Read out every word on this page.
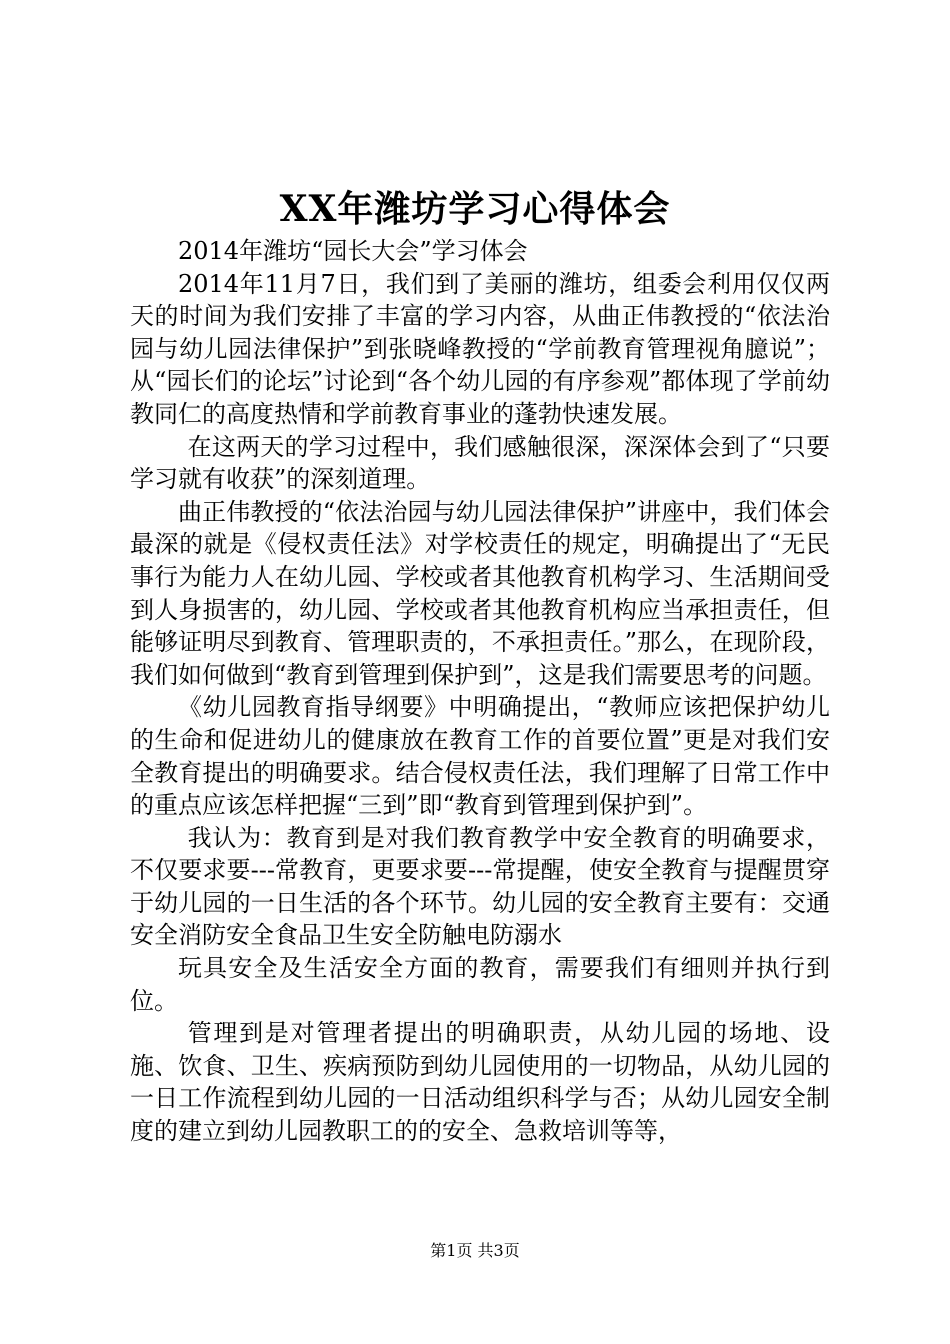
XX年潍坊学习心得体会

2014年潍坊“园长大会”学习体会

2014年11月7日，我们到了美丽的潍坊，组委会利用仅仅两天的时间为我们安排了丰富的学习内容，从曲正伟教授的“依法治园与幼儿园法律保护”到张晓峰教授的“学前教育管理视角臆说”；从“园长们的论坛”讨论到“各个幼儿园的有序参观”都体现了学前幼教同仁的高度热情和学前教育事业的蓬勃快速发展。

在这两天的学习过程中，我们感触很深，深深体会到了“只要学习就有收获”的深刻道理。

曲正伟教授的“依法治园与幼儿园法律保护”讲座中，我们体会最深的就是《侵权责任法》对学校责任的规定，明确提出了“无民事行为能力人在幼儿园、学校或者其他教育机构学习、生活期间受到人身损害的，幼儿园、学校或者其他教育机构应当承担责任，但能够证明尽到教育、管理职责的，不承担责任。”那么，在现阶段，我们如何做到“教育到管理到保护到”，这是我们需要思考的问题。

《幼儿园教育指导纲要》中明确提出，“教师应该把保护幼儿的生命和促进幼儿的健康放在教育工作的首要位置”更是对我们安全教育提出的明确要求。结合侵权责任法，我们理解了日常工作中的重点应该怎样把握“三到”即“教育到管理到保护到”。

我认为：教育到是对我们教育教学中安全教育的明确要求，不仅要求要---常教育，更要求要---常提醒，使安全教育与提醒贯穿于幼儿园的一日生活的各个环节。幼儿园的安全教育主要有：交通安全消防安全食品卫生安全防触电防溺水

玩具安全及生活安全方面的教育，需要我们有细则并执行到位。

管理到是对管理者提出的明确职责，从幼儿园的场地、设施、饮食、卫生、疾病预防到幼儿园使用的一切物品，从幼儿园的一日工作流程到幼儿园的一日活动组织科学与否；从幼儿园安全制度的建立到幼儿园教职工的的安全、急救培训等等，

第1页 共3页
